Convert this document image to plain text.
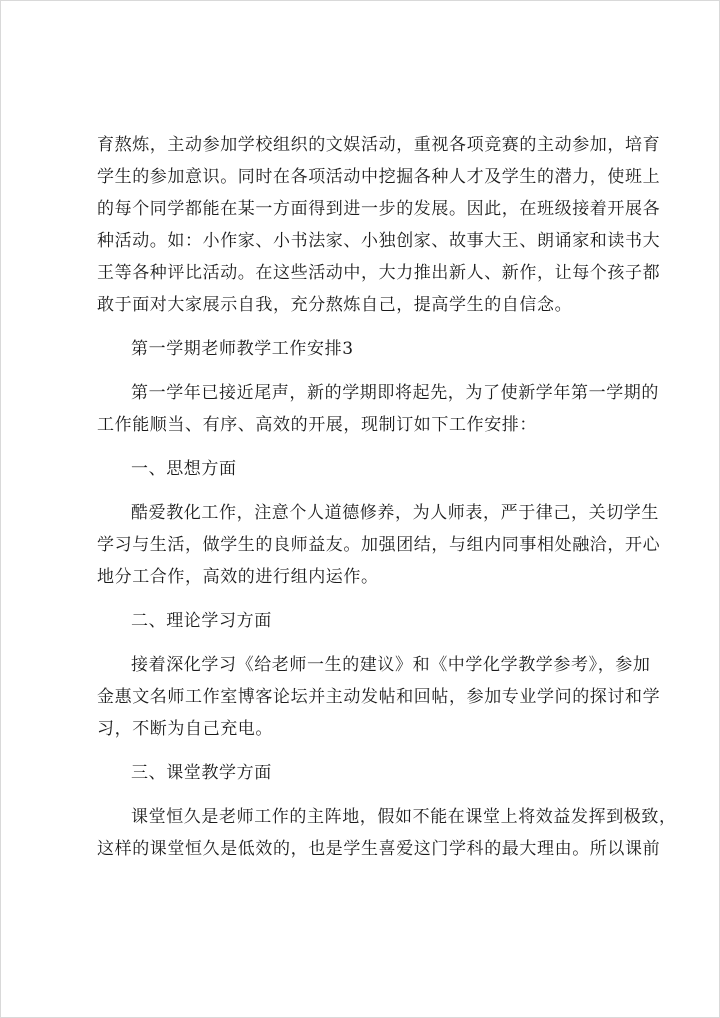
育熬炼，主动参加学校组织的文娱活动，重视各项竞赛的主动参加，培育
学生的参加意识。同时在各项活动中挖掘各种人才及学生的潜力，使班上
的每个同学都能在某一方面得到进一步的发展。因此，在班级接着开展各
种活动。如：小作家、小书法家、小独创家、故事大王、朗诵家和读书大
王等各种评比活动。在这些活动中，大力推出新人、新作，让每个孩子都
敢于面对大家展示自我，充分熬炼自己，提高学生的自信念。
第一学期老师教学工作安排3
第一学年已接近尾声，新的学期即将起先，为了使新学年第一学期的
工作能顺当、有序、高效的开展，现制订如下工作安排：
一、思想方面
酷爱教化工作，注意个人道德修养，为人师表，严于律己，关切学生
学习与生活，做学生的良师益友。加强团结，与组内同事相处融洽，开心
地分工合作，高效的进行组内运作。
二、理论学习方面
接着深化学习《给老师一生的建议》和《中学化学教学参考》，参加
金惠文名师工作室博客论坛并主动发帖和回帖，参加专业学问的探讨和学
习，不断为自己充电。
三、课堂教学方面
课堂恒久是老师工作的主阵地，假如不能在课堂上将效益发挥到极致，
这样的课堂恒久是低效的，也是学生喜爱这门学科的最大理由。所以课前
